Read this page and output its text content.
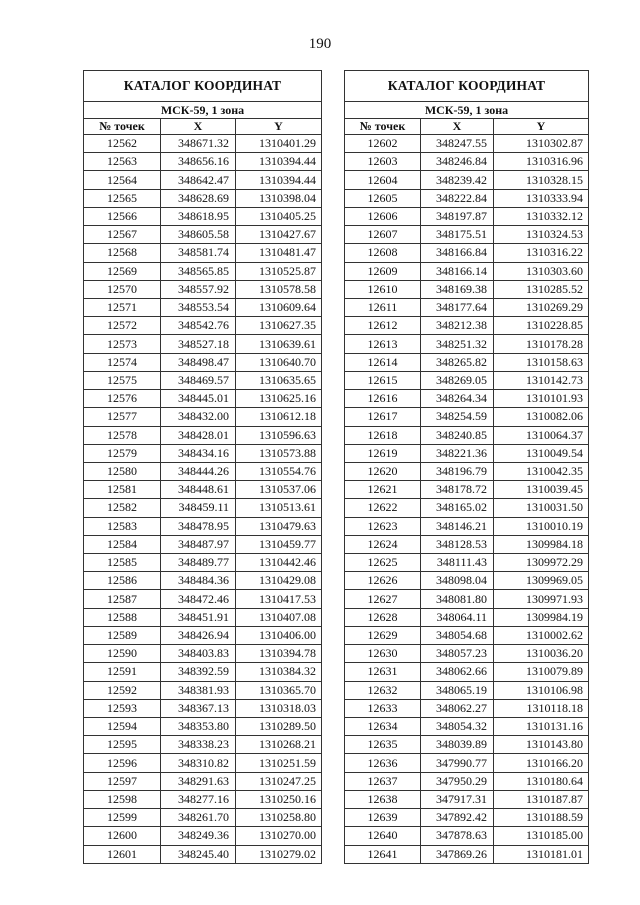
190
КАТАЛОГ КООРДИНАТ		
МСК-59, 1 зона		
№ точек	X	Y
12562	348671.32	1310401.29
12563	348656.16	1310394.44
12564	348642.47	1310394.44
12565	348628.69	1310398.04
12566	348618.95	1310405.25
12567	348605.58	1310427.67
12568	348581.74	1310481.47
12569	348565.85	1310525.87
12570	348557.92	1310578.58
12571	348553.54	1310609.64
12572	348542.76	1310627.35
12573	348527.18	1310639.61
12574	348498.47	1310640.70
12575	348469.57	1310635.65
12576	348445.01	1310625.16
12577	348432.00	1310612.18
12578	348428.01	1310596.63
12579	348434.16	1310573.88
12580	348444.26	1310554.76
12581	348448.61	1310537.06
12582	348459.11	1310513.61
12583	348478.95	1310479.63
12584	348487.97	1310459.77
12585	348489.77	1310442.46
12586	348484.36	1310429.08
12587	348472.46	1310417.53
12588	348451.91	1310407.08
12589	348426.94	1310406.00
12590	348403.83	1310394.78
12591	348392.59	1310384.32
12592	348381.93	1310365.70
12593	348367.13	1310318.03
12594	348353.80	1310289.50
12595	348338.23	1310268.21
12596	348310.82	1310251.59
12597	348291.63	1310247.25
12598	348277.16	1310250.16
12599	348261.70	1310258.80
12600	348249.36	1310270.00
12601	348245.40	1310279.02
КАТАЛОГ КООРДИНАТ		
МСК-59, 1 зона		
№ точек	X	Y
12602	348247.55	1310302.87
12603	348246.84	1310316.96
12604	348239.42	1310328.15
12605	348222.84	1310333.94
12606	348197.87	1310332.12
12607	348175.51	1310324.53
12608	348166.84	1310316.22
12609	348166.14	1310303.60
12610	348169.38	1310285.52
12611	348177.64	1310269.29
12612	348212.38	1310228.85
12613	348251.32	1310178.28
12614	348265.82	1310158.63
12615	348269.05	1310142.73
12616	348264.34	1310101.93
12617	348254.59	1310082.06
12618	348240.85	1310064.37
12619	348221.36	1310049.54
12620	348196.79	1310042.35
12621	348178.72	1310039.45
12622	348165.02	1310031.50
12623	348146.21	1310010.19
12624	348128.53	1309984.18
12625	348111.43	1309972.29
12626	348098.04	1309969.05
12627	348081.80	1309971.93
12628	348064.11	1309984.19
12629	348054.68	1310002.62
12630	348057.23	1310036.20
12631	348062.66	1310079.89
12632	348065.19	1310106.98
12633	348062.27	1310118.18
12634	348054.32	1310131.16
12635	348039.89	1310143.80
12636	347990.77	1310166.20
12637	347950.29	1310180.64
12638	347917.31	1310187.87
12639	347892.42	1310188.59
12640	347878.63	1310185.00
12641	347869.26	1310181.01
